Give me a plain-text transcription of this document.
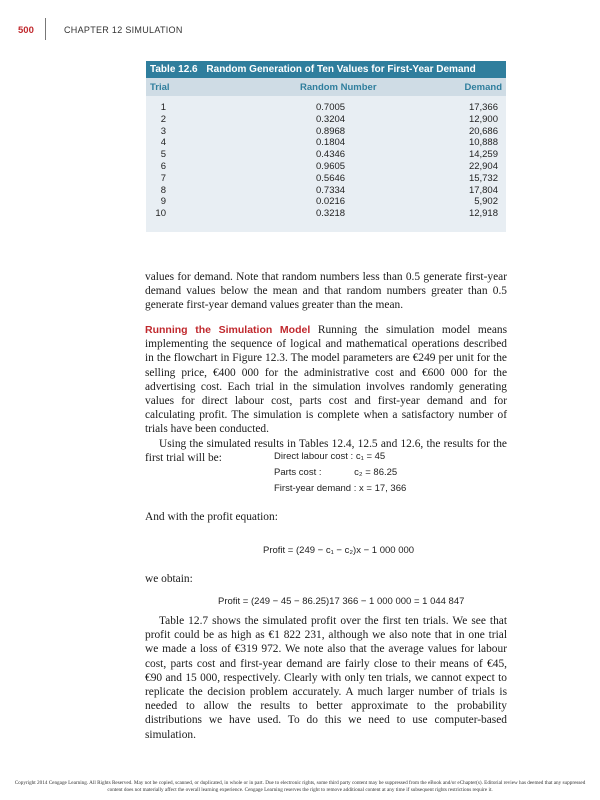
500	CHAPTER 12 SIMULATION
Table 12.6 Random Generation of Ten Values for First-Year Demand
Trial	Random Number	Demand
1	0.7005	17,366
2	0.3204	12,900
3	0.8968	20,686
4	0.1804	10,888
5	0.4346	14,259
6	0.9605	22,904
7	0.5646	15,732
8	0.7334	17,804
9	0.0216	5,902
10	0.3218	12,918

values for demand. Note that random numbers less than 0.5 generate first-year demand values below the mean and that random numbers greater than 0.5 generate first-year demand values greater than the mean.

Running the Simulation Model Running the simulation model means implementing the sequence of logical and mathematical operations described in the flowchart in Figure 12.3. The model parameters are €249 per unit for the selling price, €400 000 for the administrative cost and €600 000 for the advertising cost. Each trial in the simulation involves randomly generating values for direct labour cost, parts cost and first-year demand and for calculating profit. The simulation is complete when a satisfactory number of trials have been conducted.

Using the simulated results in Tables 12.4, 12.5 and 12.6, the results for the first trial will be:	Direct labour cost : c₁ = 45
Parts cost :	c₂ = 86.25
First-year demand : x = 17, 366

And with the profit equation:

Profit = (249 − c₁ − c₂)x − 1 000 000

we obtain:

Profit = (249 − 45 − 86.25)17 366 − 1 000 000 = 1 044 847

Table 12.7 shows the simulated profit over the first ten trials. We see that profit could be as high as €1 822 231, although we also note that in one trial we made a loss of €319 972. We note also that the average values for labour cost, parts cost and first-year demand are fairly close to their means of €45, €90 and 15 000, respectively. Clearly with only ten trials, we cannot expect to replicate the decision problem accurately. A much larger number of trials is needed to allow the results to better approximate to the probability distributions we have used. To do this we need to use computer-based simulation.

Copyright 2014 Cengage Learning. All Rights Reserved. May not be copied, scanned, or duplicated, in whole or in part. Due to electronic rights, some third party content may be suppressed from the eBook and/or eChapter(s). Editorial review has deemed that any suppressed content does not materially affect the overall learning experience. Cengage Learning reserves the right to remove additional content at any time if subsequent rights restrictions require it.
